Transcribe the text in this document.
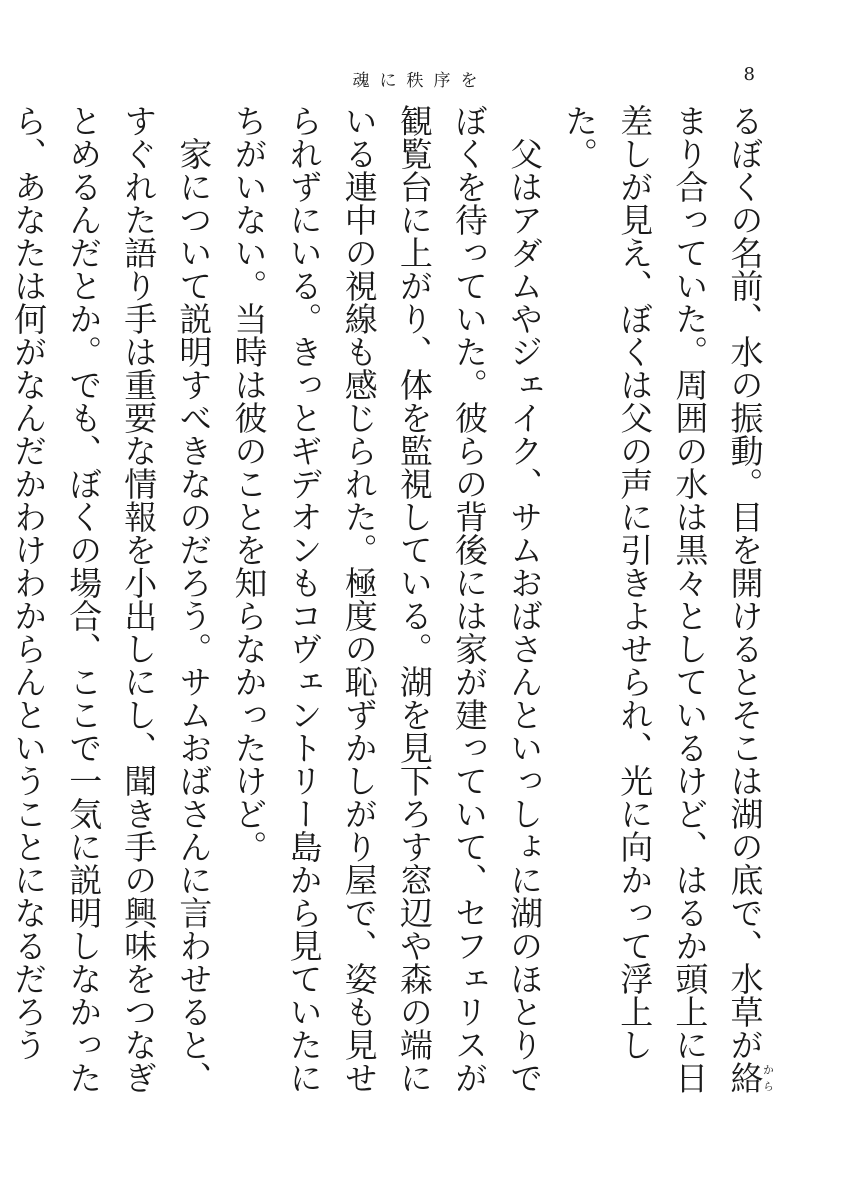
魂に秩序を	8

るぼくの名前、水の振動。目を開けるとそこは湖の底で、水草が絡からまり合っていた。周囲の水は黒々としているけど、はるか頭上に日差しが見え、ぼくは父の声に引きよせられ、光に向かって浮上した。

父はアダムやジェイク、サムおばさんといっしょに湖のほとりでぼくを待っていた。彼らの背後には家が建っていて、セフェリスが観覧台に上がり、体を監視している。湖を見下ろす窓辺や森の端にいる連中の視線も感じられた。極度の恥ずかしがり屋で、姿も見せられずにいる。きっとギデオンもコヴェントリー島から見ていたにちがいない。当時は彼のことを知らなかったけど。

家について説明すべきなのだろう。サムおばさんに言わせると、すぐれた語り手は重要な情報を小出しにし、聞き手の興味をつなぎとめるんだとか。でも、ぼくの場合、ここで一気に説明しなかったら、あなたは何がなんだかわけわからんということになるだろう
